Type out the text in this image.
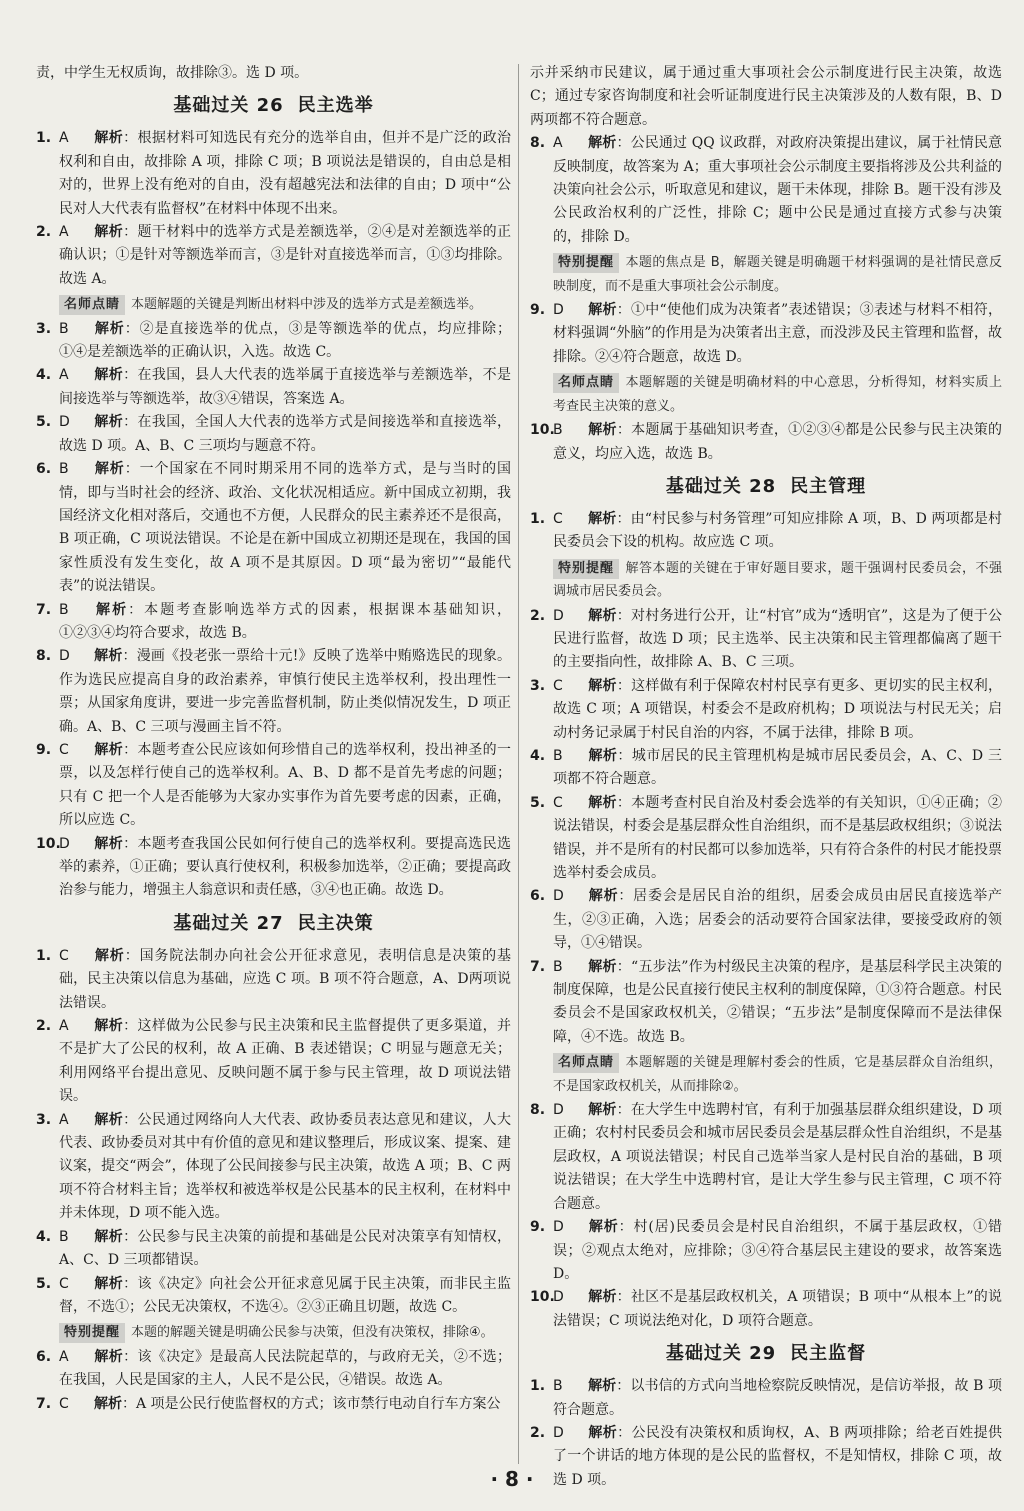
责，中学生无权质询，故排除③。选 D 项。

基础过关 26 民主选举

1. A 解析：根据材料可知选民有充分的选举自由，但并不是广泛的政治权利和自由，故排除 A 项，排除 C 项；B 项说法是错误的，自由总是相对的，世界上没有绝对的自由，没有超越宪法和法律的自由；D 项中“公民对人大代表有监督权”在材料中体现不出来。

2. A 解析：题干材料中的选举方式是差额选举，②④是对差额选举的正确认识；①是针对等额选举而言，③是针对直接选举而言，①③均排除。故选 A。

名师点睛 本题解题的关键是判断出材料中涉及的选举方式是差额选举。

3. B 解析：②是直接选举的优点，③是等额选举的优点，均应排除；①④是差额选举的正确认识，入选。故选 C。

4. A 解析：在我国，县人大代表的选举属于直接选举与差额选举，不是间接选举与等额选举，故③④错误，答案选 A。

5. D 解析：在我国，全国人大代表的选举方式是间接选举和直接选举，故选 D 项。A、B、C 三项均与题意不符。

6. B 解析：一个国家在不同时期采用不同的选举方式，是与当时的国情，即与当时社会的经济、政治、文化状况相适应。新中国成立初期，我国经济文化相对落后，交通也不方便，人民群众的民主素养还不是很高，B 项正确，C 项说法错误。不论是在新中国成立初期还是现在，我国的国家性质没有发生变化，故 A 项不是其原因。D 项“最为密切”“最能代表”的说法错误。

7. B 解析：本题考查影响选举方式的因素，根据课本基础知识，①②③④均符合要求，故选 B。

8. D 解析：漫画《投老张一票给十元!》反映了选举中贿赂选民的现象。作为选民应提高自身的政治素养，审慎行使民主选举权利，投出理性一票；从国家角度讲，要进一步完善监督机制，防止类似情况发生，D 项正确。A、B、C 三项与漫画主旨不符。

9. C 解析：本题考查公民应该如何珍惜自己的选举权利，投出神圣的一票，以及怎样行使自己的选举权利。A、B、D 都不是首先考虑的问题；只有 C 把一个人是否能够为大家办实事作为首先要考虑的因素，正确，所以应选 C。

10.D 解析：本题考查我国公民如何行使自己的选举权利。要提高选民选举的素养，①正确；要认真行使权利，积极参加选举，②正确；要提高政治参与能力，增强主人翁意识和责任感，③④也正确。故选 D。

基础过关 27 民主决策

1. C 解析：国务院法制办向社会公开征求意见，表明信息是决策的基础，民主决策以信息为基础，应选 C 项。B 项不符合题意，A、D两项说法错误。

2. A 解析：这样做为公民参与民主决策和民主监督提供了更多渠道，并不是扩大了公民的权利，故 A 正确、B 表述错误；C 明显与题意无关；利用网络平台提出意见、反映问题不属于参与民主管理，故 D 项说法错误。

3. A 解析：公民通过网络向人大代表、政协委员表达意见和建议，人大代表、政协委员对其中有价值的意见和建议整理后，形成议案、提案、建议案，提交“两会”，体现了公民间接参与民主决策，故选 A 项；B、C 两项不符合材料主旨；选举权和被选举权是公民基本的民主权利，在材料中并未体现，D 项不能入选。

4. B 解析：公民参与民主决策的前提和基础是公民对决策享有知情权，A、C、D 三项都错误。

5. C 解析：该《决定》向社会公开征求意见属于民主决策，而非民主监督，不选①；公民无决策权，不选④。②③正确且切题，故选 C。

特别提醒 本题的解题关键是明确公民参与决策，但没有决策权，排除④。

6. A 解析：该《决定》是最高人民法院起草的，与政府无关，②不选；在我国，人民是国家的主人，人民不是公民，④错误。故选 A。

7. C 解析：A 项是公民行使监督权的方式；该市禁行电动自行车方案公

示并采纳市民建议，属于通过重大事项社会公示制度进行民主决策，故选 C；通过专家咨询制度和社会听证制度进行民主决策涉及的人数有限，B、D 两项都不符合题意。

8. A 解析：公民通过 QQ 议政群，对政府决策提出建议，属于社情民意反映制度，故答案为 A；重大事项社会公示制度主要指将涉及公共利益的决策向社会公示，听取意见和建议，题干未体现，排除 B。题干没有涉及公民政治权利的广泛性，排除 C；题中公民是通过直接方式参与决策的，排除 D。

特别提醒 本题的焦点是 B，解题关键是明确题干材料强调的是社情民意反映制度，而不是重大事项社会公示制度。

9. D 解析：①中“使他们成为决策者”表述错误；③表述与材料不相符，材料强调“外脑”的作用是为决策者出主意，而没涉及民主管理和监督，故排除。②④符合题意，故选 D。

名师点睛 本题解题的关键是明确材料的中心意思，分析得知，材料实质上考查民主决策的意义。

10.B 解析：本题属于基础知识考查，①②③④都是公民参与民主决策的意义，均应入选，故选 B。

基础过关 28 民主管理

1. C 解析：由“村民参与村务管理”可知应排除 A 项，B、D 两项都是村民委员会下设的机构。故应选 C 项。

特别提醒 解答本题的关键在于审好题目要求，题干强调村民委员会，不强调城市居民委员会。

2. D 解析：对村务进行公开，让“村官”成为“透明官”，这是为了便于公民进行监督，故选 D 项；民主选举、民主决策和民主管理都偏离了题干的主要指向性，故排除 A、B、C 三项。

3. C 解析：这样做有利于保障农村村民享有更多、更切实的民主权利，故选 C 项；A 项错误，村委会不是政府机构；D 项说法与村民无关；启动村务记录属于村民自治的内容，不属于法律，排除 B 项。

4. B 解析：城市居民的民主管理机构是城市居民委员会，A、C、D 三项都不符合题意。

5. C 解析：本题考查村民自治及村委会选举的有关知识，①④正确；②说法错误，村委会是基层群众性自治组织，而不是基层政权组织；③说法错误，并不是所有的村民都可以参加选举，只有符合条件的村民才能投票选举村委会成员。

6. D 解析：居委会是居民自治的组织，居委会成员由居民直接选举产生，②③正确，入选；居委会的活动要符合国家法律，要接受政府的领导，①④错误。

7. B 解析：“五步法”作为村级民主决策的程序，是基层科学民主决策的制度保障，也是公民直接行使民主权利的制度保障，①③符合题意。村民委员会不是国家政权机关，②错误；“五步法”是制度保障而不是法律保障，④不选。故选 B。

名师点睛 本题解题的关键是理解村委会的性质，它是基层群众自治组织，不是国家政权机关，从而排除②。

8. D 解析：在大学生中选聘村官，有利于加强基层群众组织建设，D 项正确；农村村民委员会和城市居民委员会是基层群众性自治组织，不是基层政权，A 项说法错误；村民自己选举当家人是村民自治的基础，B 项说法错误；在大学生中选聘村官，是让大学生参与民主管理，C 项不符合题意。

9. D 解析：村(居)民委员会是村民自治组织，不属于基层政权，①错误；②观点太绝对，应排除；③④符合基层民主建设的要求，故答案选 D。

10.D 解析：社区不是基层政权机关，A 项错误；B 项中“从根本上”的说法错误；C 项说法绝对化，D 项符合题意。

基础过关 29 民主监督

1. B 解析：以书信的方式向当地检察院反映情况，是信访举报，故 B 项符合题意。

2. D 解析：公民没有决策权和质询权，A、B 两项排除；给老百姓提供了一个讲话的地方体现的是公民的监督权，不是知情权，排除 C 项，故选 D 项。

· 8 ·
